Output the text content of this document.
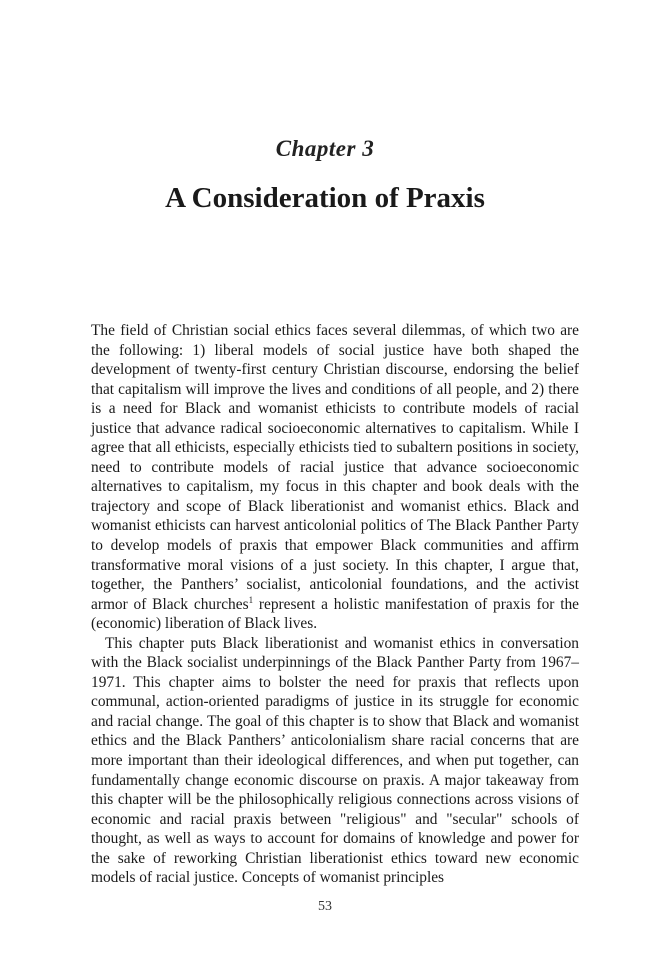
Chapter 3
A Consideration of Praxis

The field of Christian social ethics faces several dilemmas, of which two are the following: 1) liberal models of social justice have both shaped the development of twenty-first century Christian discourse, endorsing the belief that capitalism will improve the lives and conditions of all people, and 2) there is a need for Black and womanist ethicists to contribute models of racial justice that advance radical socioeconomic alternatives to capitalism. While I agree that all ethicists, especially ethicists tied to subaltern positions in society, need to contribute models of racial justice that advance socioeconomic alternatives to capitalism, my focus in this chapter and book deals with the trajectory and scope of Black liberationist and womanist ethics. Black and womanist ethicists can harvest anticolonial politics of The Black Panther Party to develop models of praxis that empower Black communities and affirm transformative moral visions of a just society. In this chapter, I argue that, together, the Panthers’ socialist, anticolonial foundations, and the activist armor of Black churches$^1$ represent a holistic manifestation of praxis for the (economic) liberation of Black lives.

This chapter puts Black liberationist and womanist ethics in conversation with the Black socialist underpinnings of the Black Panther Party from 1967–1971. This chapter aims to bolster the need for praxis that reflects upon communal, action-oriented paradigms of justice in its struggle for economic and racial change. The goal of this chapter is to show that Black and womanist ethics and the Black Panthers’ anticolonialism share racial concerns that are more important than their ideological differences, and when put together, can fundamentally change economic discourse on praxis. A major takeaway from this chapter will be the philosophically religious connections across visions of economic and racial praxis between "religious" and "secular" schools of thought, as well as ways to account for domains of knowledge and power for the sake of reworking Christian liberationist ethics toward new economic models of racial justice. Concepts of womanist principles

53
